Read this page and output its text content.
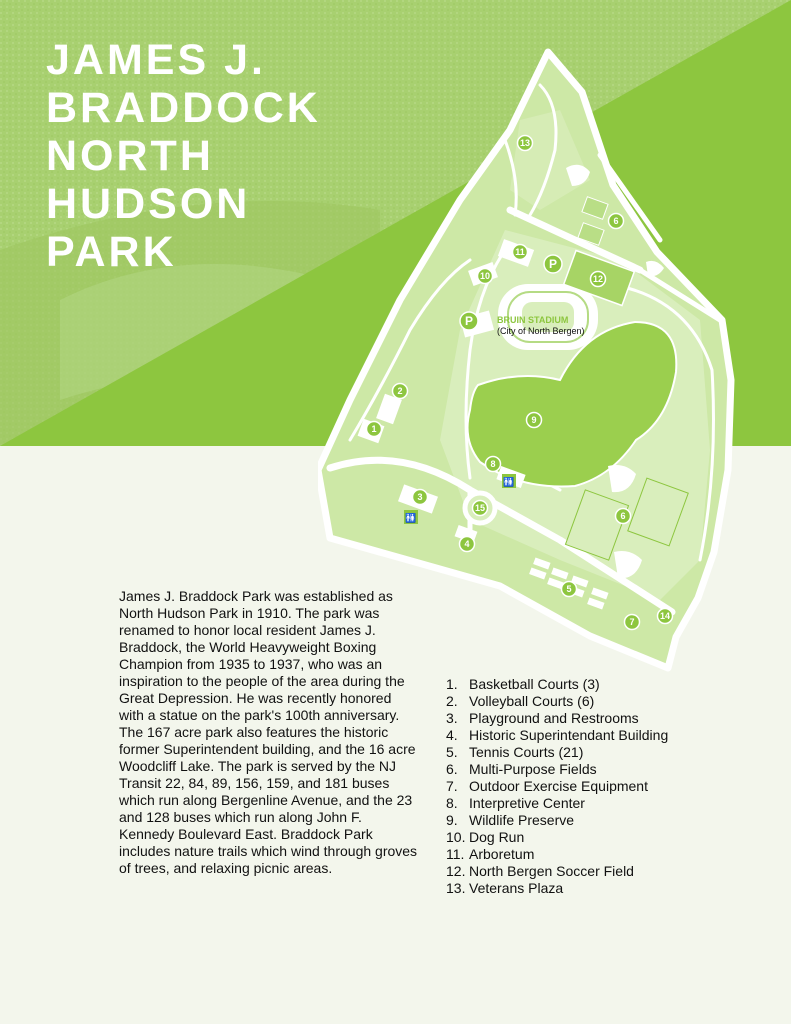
JAMES J.
BRADDOCK
NORTH
HUDSON
PARK
BRUIN STADIUM
(City of North Bergen)
P
P
🚻
🚻
1
2
3
4
5
6
6
7
8
9
10
11
12
13
14
15

James J. Braddock Park was established as North Hudson Park in 1910. The park was renamed to honor local resident James J. Braddock, the World Heavyweight Boxing Champion from 1935 to 1937, who was an inspiration to the people of the area during the Great Depression. He was recently honored with a statue on the park's 100th anniversary. The 167 acre park also features the historic former Superintendent building, and the 16 acre Woodcliff Lake. The park is served by the NJ Transit 22, 84, 89, 156, 159, and 181 buses which run along Bergenline Avenue, and the 23 and 128 buses which run along John F. Kennedy Boulevard East. Braddock Park includes nature trails which wind through groves of trees, and relaxing picnic areas.

1. Basketball Courts (3)
2. Volleyball Courts (6)
3. Playground and Restrooms
4. Historic Superintendant Building
5. Tennis Courts (21)
6. Multi-Purpose Fields
7. Outdoor Exercise Equipment
8. Interpretive Center
9. Wildlife Preserve
10. Dog Run
11. Arboretum
12. North Bergen Soccer Field
13. Veterans Plaza
